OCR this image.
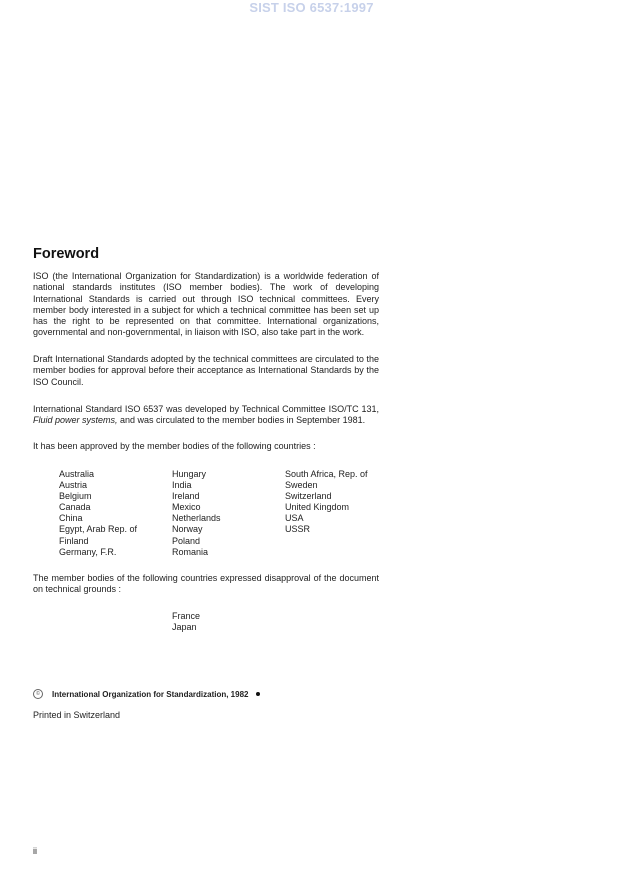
SIST ISO 6537:1997
Foreword
ISO (the International Organization for Standardization) is a worldwide federation of national standards institutes (ISO member bodies). The work of developing International Standards is carried out through ISO technical committees. Every member body interested in a subject for which a technical committee has been set up has the right to be represented on that committee. International organizations, governmental and non-governmental, in liaison with ISO, also take part in the work.
Draft International Standards adopted by the technical committees are circulated to the member bodies for approval before their acceptance as International Standards by the ISO Council.
International Standard ISO 6537 was developed by Technical Committee ISO/TC 131, Fluid power systems, and was circulated to the member bodies in September 1981.
It has been approved by the member bodies of the following countries :
Australia
Austria
Belgium
Canada
China
Egypt, Arab Rep. of
Finland
Germany, F.R.
Hungary
India
Ireland
Mexico
Netherlands
Norway
Poland
Romania
South Africa, Rep. of
Sweden
Switzerland
United Kingdom
USA
USSR
The member bodies of the following countries expressed disapproval of the document on technical grounds :
France
Japan
©	International Organization for Standardization, 1982
Printed in Switzerland
ii
